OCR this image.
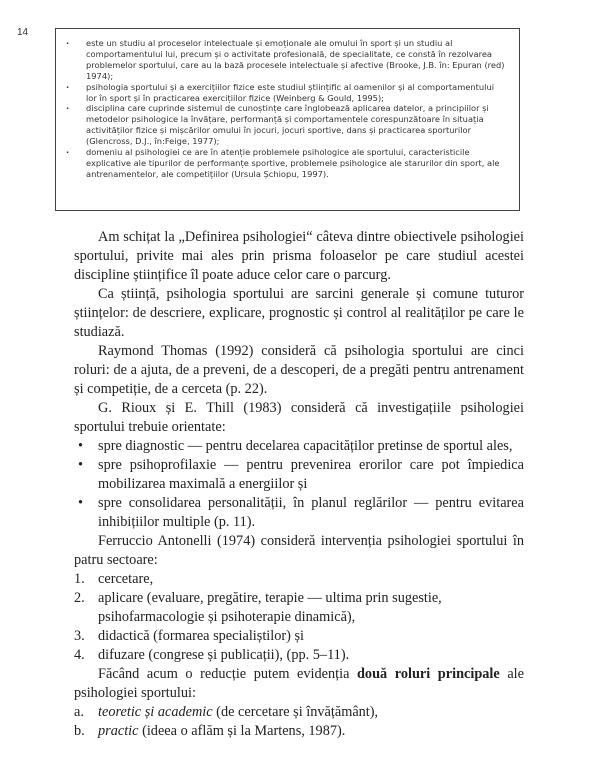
14
· este un studiu al proceselor intelectuale și emoționale ale omului în sport și un studiu al comportamentului lui, precum și o activitate profesională, de specialitate, ce constă în rezolvarea problemelor sportului, care au la bază procesele intelectuale și afective (Brooke, J.B. în: Epuran (red) 1974);
· psihologia sportului și a exercițiilor fizice este studiul științific al oamenilor și al comportamentului lor în sport și în practicarea exercițiilor fizice (Weinberg & Gould, 1995);
· disciplina care cuprinde sistemul de cunoștințe care înglobează aplicarea datelor, a principiilor și metodelor psihologice la învățare, performanță și comportamentele corespunzătoare în situația activităților fizice și mișcărilor omului în jocuri, jocuri sportive, dans și practicarea sporturilor (Glencross, D.J., în:Feige, 1977);
· domeniu al psihologiei ce are în atenție problemele psihologice ale sportului, caracteristicile explicative ale tipurilor de performanțe sportive, problemele psihologice ale starurilor din sport, ale antrenamentelor, ale competițiilor (Ursula Șchiopu, 1997).

Am schițat la „Definirea psihologiei“ câteva dintre obiectivele psihologiei sportului, privite mai ales prin prisma foloaselor pe care studiul acestei discipline științifice îl poate aduce celor care o parcurg.

Ca știință, psihologia sportului are sarcini generale și comune tuturor științelor: de descriere, explicare, prognostic și control al realităților pe care le studiază.

Raymond Thomas (1992) consideră că psihologia sportului are cinci roluri: de a ajuta, de a preveni, de a descoperi, de a pregăti pentru antrenament și competiție, de a cerceta (p. 22).

G. Rioux și E. Thill (1983) consideră că investigațiile psihologiei sportului trebuie orientate:

• spre diagnostic — pentru decelarea capacităților pretinse de sportul ales,
• spre psihoprofilaxie — pentru prevenirea erorilor care pot împiedica mobilizarea maximală a energiilor și
• spre consolidarea personalității, în planul reglărilor — pentru evitarea inhibițiilor multiple (p. 11).

Ferruccio Antonelli (1974) consideră intervenția psihologiei sportului în patru sectoare:

1. cercetare,
2. aplicare (evaluare, pregătire, terapie — ultima prin sugestie, psihofarmacologie și psihoterapie dinamică),
3. didactică (formarea specialiștilor) și
4. difuzare (congrese și publicații), (pp. 5–11).

Făcând acum o reducție putem evidenția două roluri principale ale psihologiei sportului:

a. teoretic și academic (de cercetare și învățământ),
b. practic (ideea o aflăm și la Martens, 1987).
